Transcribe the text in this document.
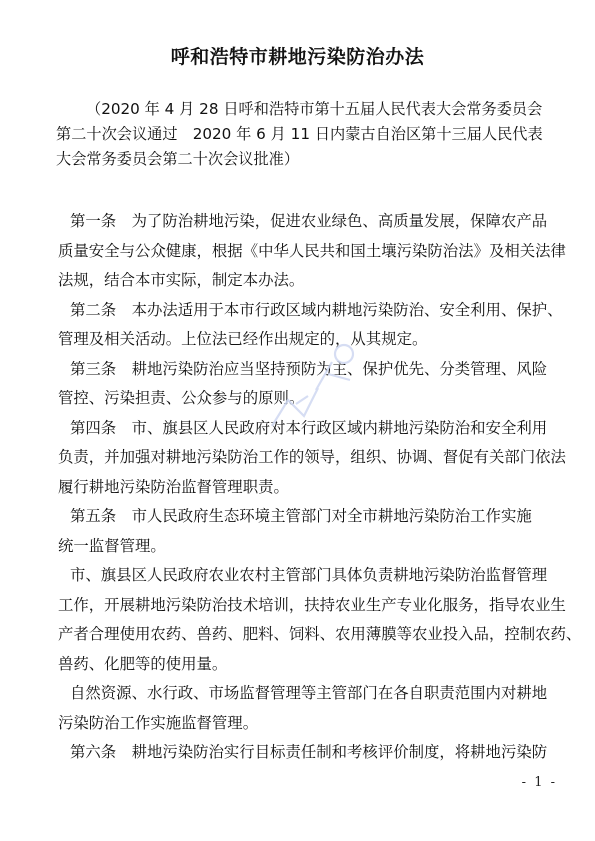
呼和浩特市耕地污染防治办法
（2020 年 4 月 28 日呼和浩特市第十五届人民代表大会常务委员会
第二十次会议通过　2020 年 6 月 11 日内蒙古自治区第十三届人民代表
大会常务委员会第二十次会议批准）

第一条　为了防治耕地污染，促进农业绿色、高质量发展，保障农产品
质量安全与公众健康，根据《中华人民共和国土壤污染防治法》及相关法律
法规，结合本市实际，制定本办法。

第二条　本办法适用于本市行政区域内耕地污染防治、安全利用、保护、
管理及相关活动。上位法已经作出规定的，从其规定。

第三条　耕地污染防治应当坚持预防为主、保护优先、分类管理、风险
管控、污染担责、公众参与的原则。

第四条　市、旗县区人民政府对本行政区域内耕地污染防治和安全利用
负责，并加强对耕地污染防治工作的领导，组织、协调、督促有关部门依法
履行耕地污染防治监督管理职责。

第五条　市人民政府生态环境主管部门对全市耕地污染防治工作实施
统一监督管理。

市、旗县区人民政府农业农村主管部门具体负责耕地污染防治监督管理
工作，开展耕地污染防治技术培训，扶持农业生产专业化服务，指导农业生
产者合理使用农药、兽药、肥料、饲料、农用薄膜等农业投入品，控制农药、
兽药、化肥等的使用量。

自然资源、水行政、市场监督管理等主管部门在各自职责范围内对耕地
污染防治工作实施监督管理。

第六条　耕地污染防治实行目标责任制和考核评价制度，将耕地污染防

- 1 -
